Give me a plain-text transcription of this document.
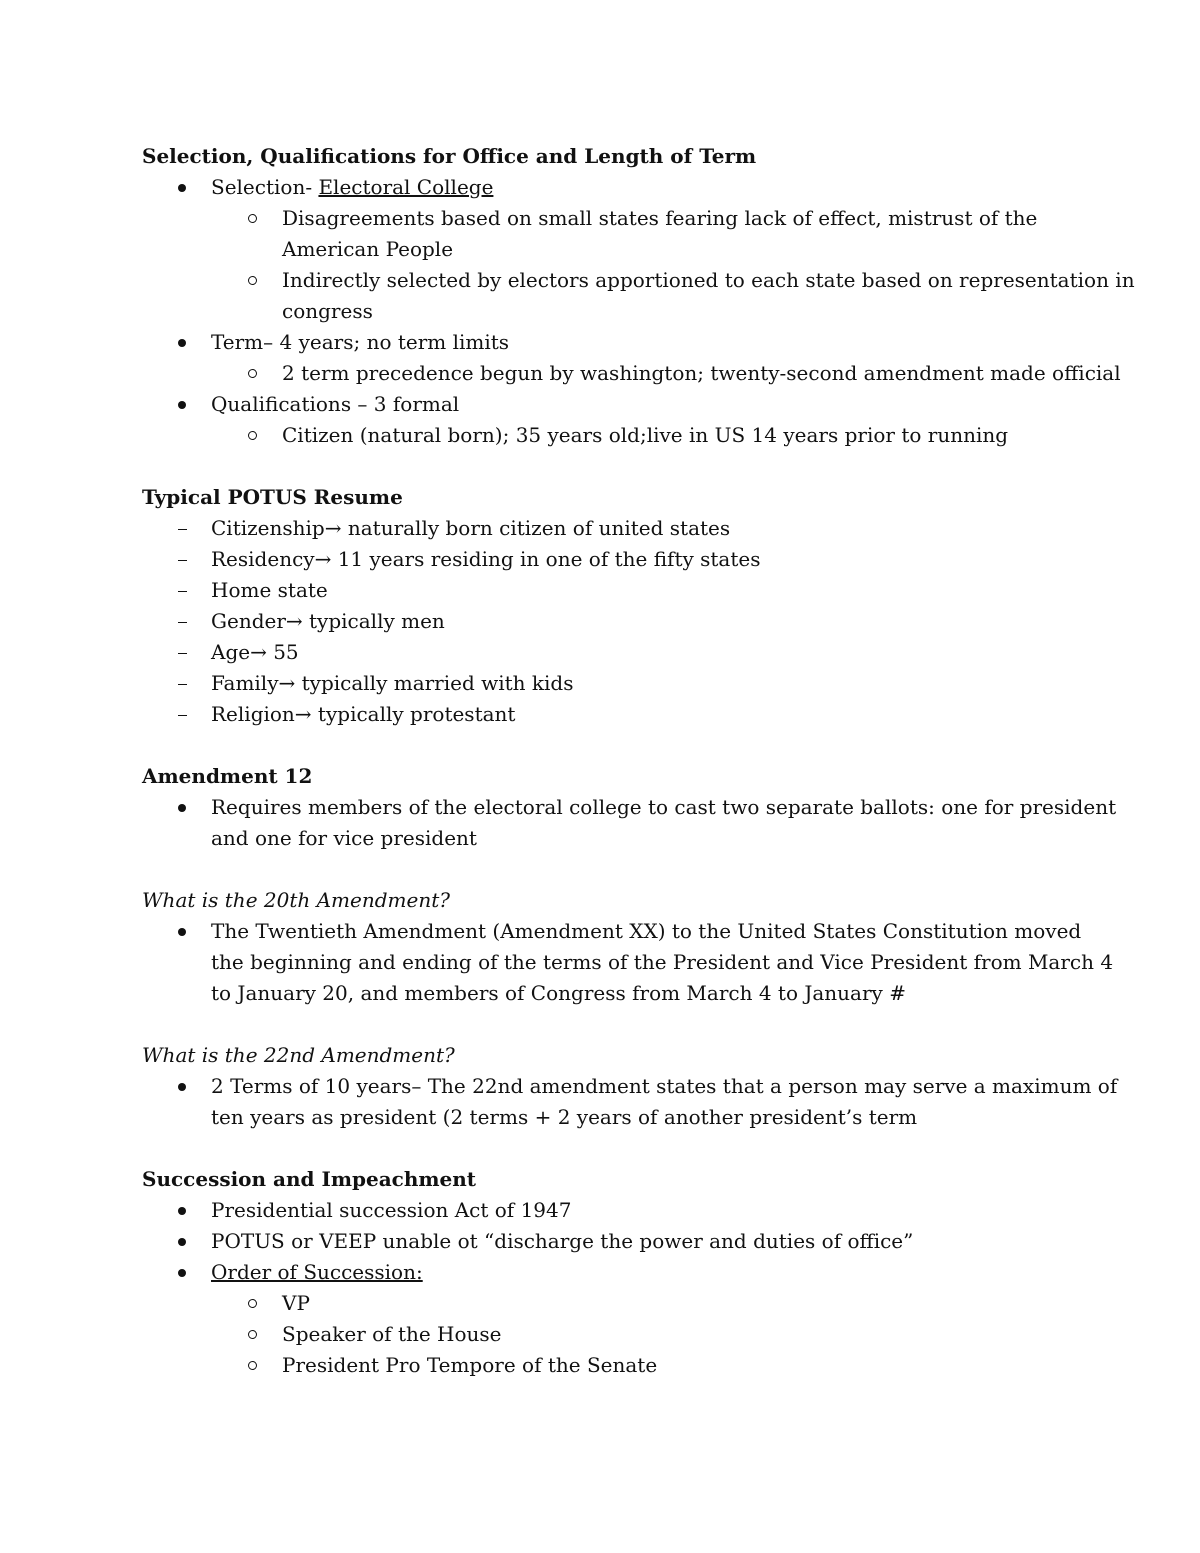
Selection, Qualifications for Office and Length of Term
Selection- Electoral College
Disagreements based on small states fearing lack of effect, mistrust of the
American People
Indirectly selected by electors apportioned to each state based on representation in
congress
Term– 4 years; no term limits
2 term precedence begun by washington; twenty-second amendment made official
Qualifications – 3 formal
Citizen (natural born); 35 years old;live in US 14 years prior to running
Typical POTUS Resume
Citizenship→ naturally born citizen of united states
Residency→ 11 years residing in one of the fifty states
Home state
Gender→ typically men
Age→ 55
Family→ typically married with kids
Religion→ typically protestant
Amendment 12
Requires members of the electoral college to cast two separate ballots: one for president
and one for vice president
What is the 20th Amendment?
The Twentieth Amendment (Amendment XX) to the United States Constitution moved
the beginning and ending of the terms of the President and Vice President from March 4
to January 20, and members of Congress from March 4 to January #
What is the 22nd Amendment?
2 Terms of 10 years– The 22nd amendment states that a person may serve a maximum of
ten years as president (2 terms + 2 years of another president’s term
Succession and Impeachment
Presidential succession Act of 1947
POTUS or VEEP unable ot “discharge the power and duties of office”
Order of Succession:
VP
Speaker of the House
President Pro Tempore of the Senate
